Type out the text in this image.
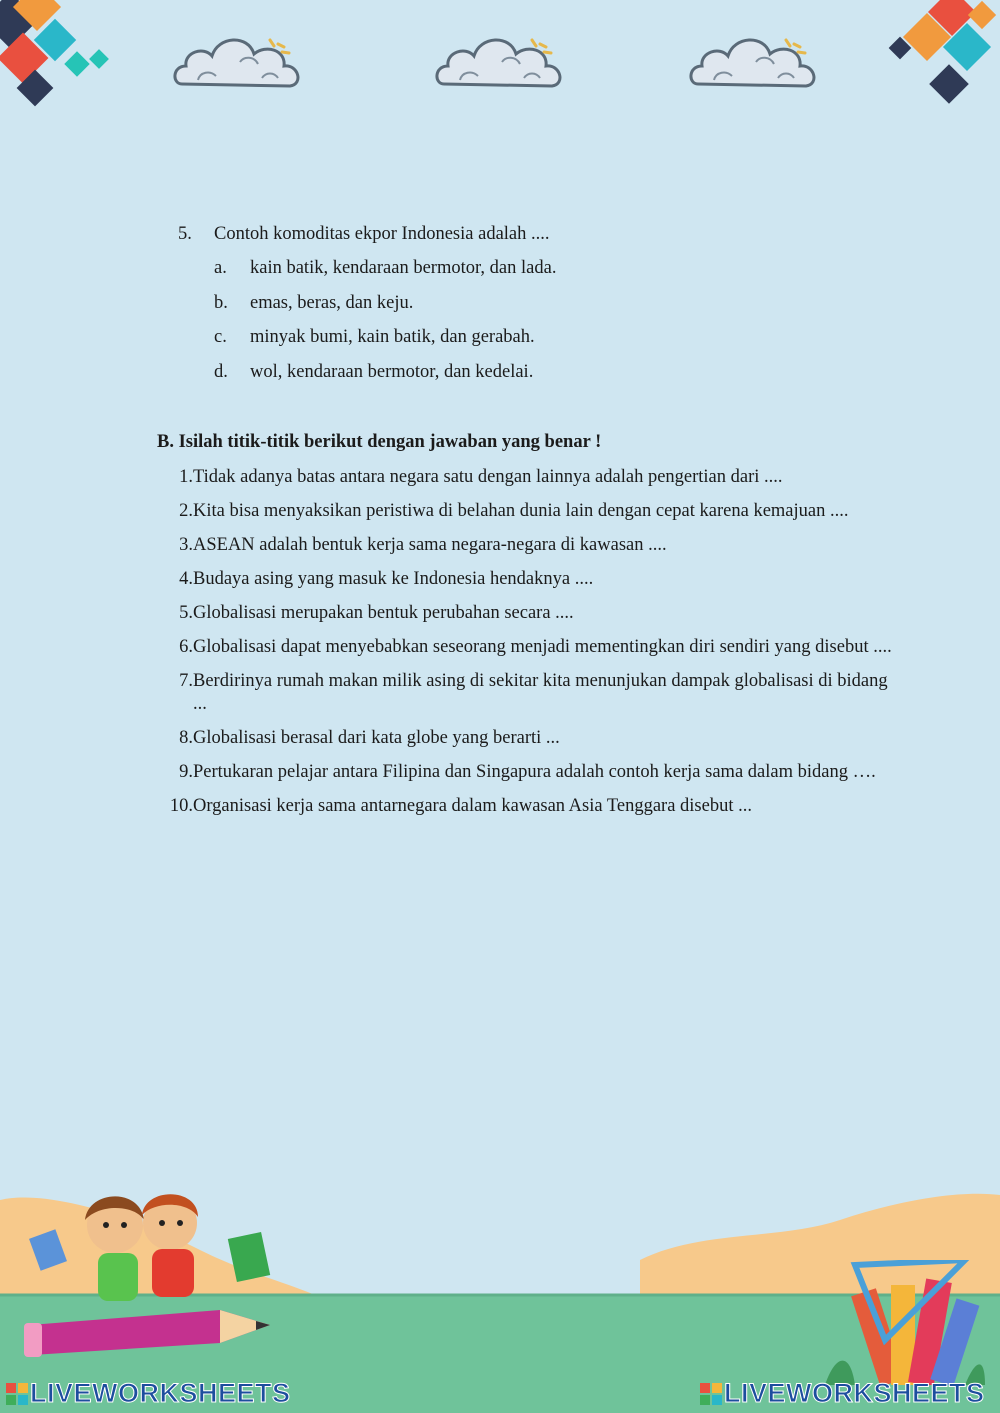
5.	Contoh komoditas ekpor Indonesia adalah ....
a.	kain batik, kendaraan bermotor, dan lada.
b.	emas, beras, dan keju.
c.	minyak bumi, kain batik, dan gerabah.
d.	wol, kendaraan bermotor, dan kedelai.
B. Isilah titik-titik berikut dengan jawaban yang benar !
1. Tidak adanya batas antara negara satu dengan lainnya adalah pengertian dari ....
2. Kita bisa menyaksikan peristiwa di belahan dunia lain dengan cepat karena kemajuan ....
3. ASEAN adalah bentuk kerja sama negara-negara di kawasan ....
4. Budaya asing yang masuk ke Indonesia hendaknya ....
5. Globalisasi merupakan bentuk perubahan secara ....
6. Globalisasi dapat menyebabkan seseorang menjadi mementingkan diri sendiri yang disebut ....
7. Berdirinya rumah makan milik asing di sekitar kita menunjukan dampak globalisasi di bidang ...
8. Globalisasi berasal dari kata globe yang berarti ...
9. Pertukaran pelajar antara Filipina dan Singapura adalah contoh kerja sama dalam bidang ….
10. Organisasi kerja sama antarnegara dalam kawasan Asia Tenggara disebut ...
LIVEWORKSHEETS	LIVEWORKSHEETS
